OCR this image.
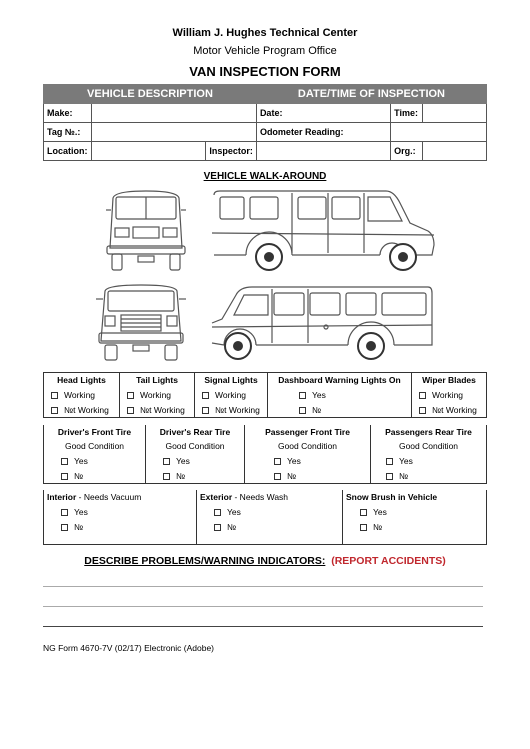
William J. Hughes Technical Center
Motor Vehicle Program Office
VAN INSPECTION FORM
VEHICLE DESCRIPTION			DATE/TIME OF INSPECTION		
Make:			Date:	Time:	
Tag №.:			Odometer Reading:		
Location:		Inspector:		Org.:	
VEHICLE WALK-AROUND
Head Lights
Working
№t Working
Tail Lights
Working
№t Working
Signal Lights
Working
№t Working
Dashboard Warning Lights On
Yes
№
Wiper Blades
Working
№t Working
Driver's Front Tire
Good Condition
Yes
№
Driver's Rear Tire
Good Condition
Yes
№
Passenger Front Tire
Good Condition
Yes
№
Passengers Rear Tire
Good Condition
Yes
№
Interior - Needs Vacuum
Yes
№
Exterior - Needs Wash
Yes
№
Snow Brush in Vehicle
Yes
№
DESCRIBE PROBLEMS/WARNING INDICATORS: (REPORT ACCIDENTS)
NG Form 4670-7V (02/17) Electronic (Adobe)
